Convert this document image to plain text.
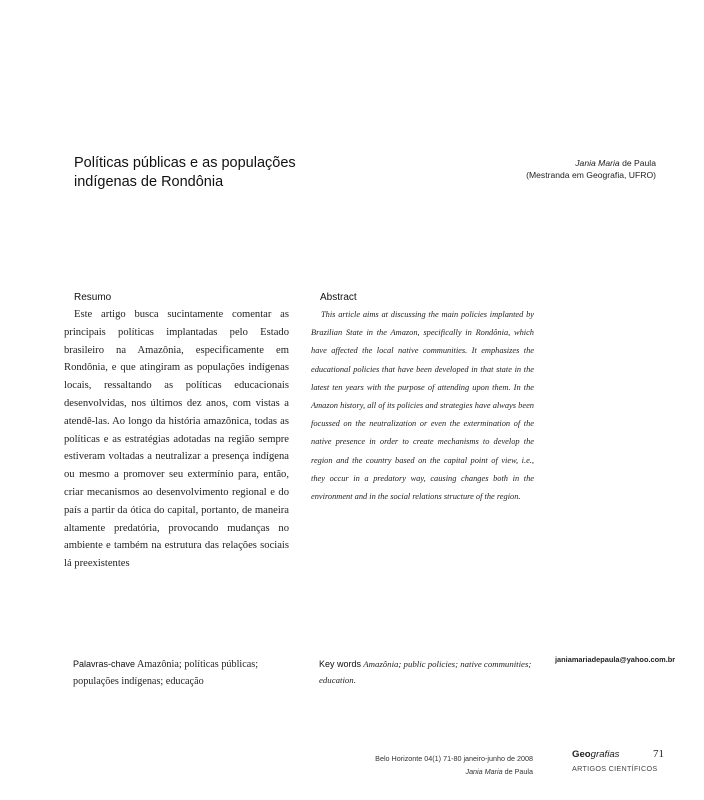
Políticas públicas e as populações
indígenas de Rondônia
Jania Maria de Paula
(Mestranda em Geografia, UFRO)
Resumo
Este artigo busca sucintamente comentar as principais políticas implantadas pelo Estado brasileiro na Amazônia, especificamente em Rondônia, e que atingiram as populações indígenas locais, ressaltando as políticas educacionais desenvolvidas, nos últimos dez anos, com vistas a atendê-las. Ao longo da história amazônica, todas as políticas e as estratégias adotadas na região sempre estiveram voltadas a neutralizar a presença indígena ou mesmo a promover seu extermínio para, então, criar mecanismos ao desenvolvimento regional e do país a partir da ótica do capital, portanto, de maneira altamente predatória, provocando mudanças no ambiente e também na estrutura das relações sociais lá preexistentes
Abstract
This article aims at discussing the main policies implanted by Brazilian State in the Amazon, specifically in Rondônia, which have affected the local native communities. It emphasizes the educational policies that have been developed in that state in the latest ten years with the purpose of attending upon them. In the Amazon history, all of its policies and strategies have always been focussed on the neutralization or even the extermination of the native presence in order to create mechanisms to develop the region and the country based on the capital point of view, i.e., they occur in a predatory way, causing changes both in the environment and in the social relations structure of the region.
Palavras-chave Amazônia; políticas públicas; populações indígenas; educação
Key words Amazônia; public policies; native communities; education.
janiamariadepaula@yahoo.com.br
Belo Horizonte 04(1) 71-80 janeiro-junho de 2008
Jania Maria de Paula
Geografias	71
ARTIGOS CIENTÍFICOS
